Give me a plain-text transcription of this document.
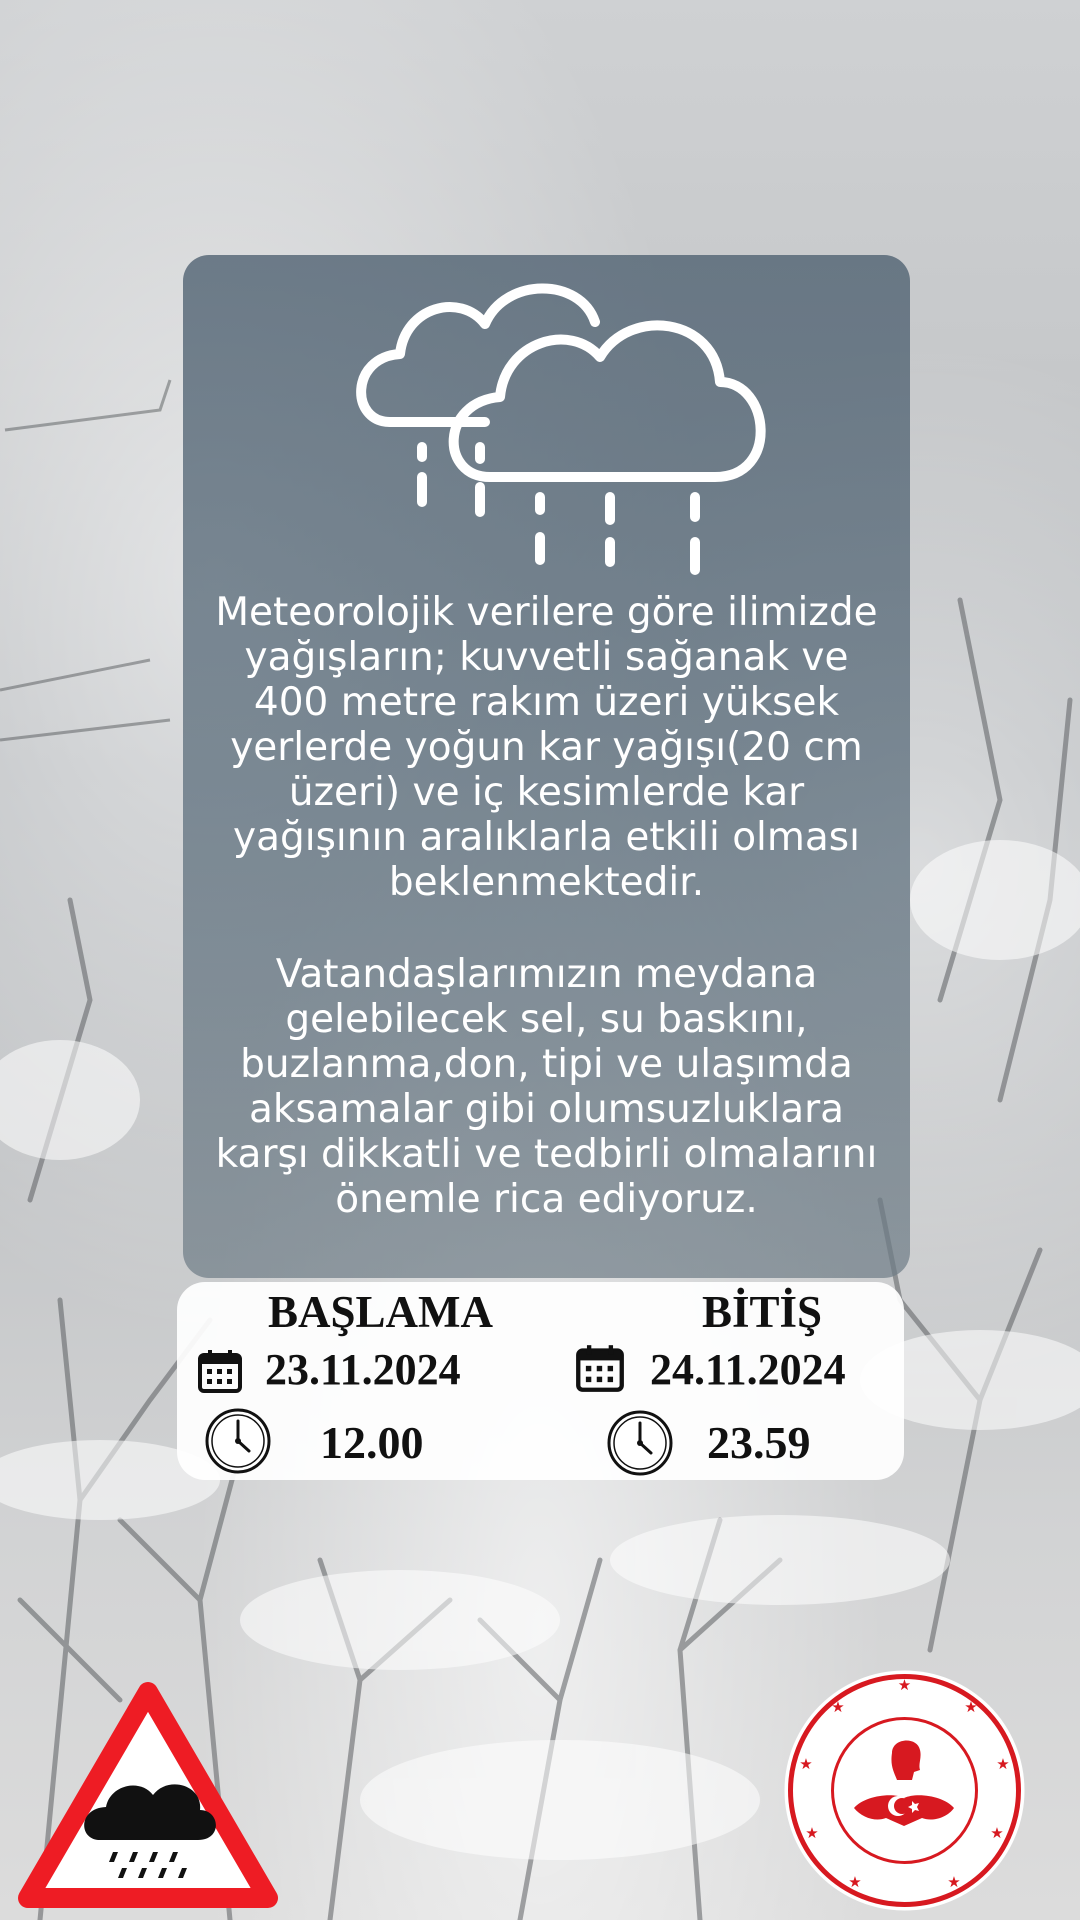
Meteorolojik verilere göre ilimizde
yağışların; kuvvetli sağanak ve
400 metre rakım üzeri yüksek
yerlerde yoğun kar yağışı(20 cm
üzeri) ve iç kesimlerde kar
yağışının aralıklarla etkili olması
beklenmektedir.
Vatandaşlarımızın meydana
gelebilecek sel, su baskını,
buzlanma,don, tipi ve ulaşımda
aksamalar gibi olumsuzluklara
karşı dikkatli ve tedbirli olmalarını
önemle rica ediyoruz.
BAŞLAMA	BİTİŞ
23.11.2024	24.11.2024
12.00	23.59
★
★
★
★
★
★
★
★
★
